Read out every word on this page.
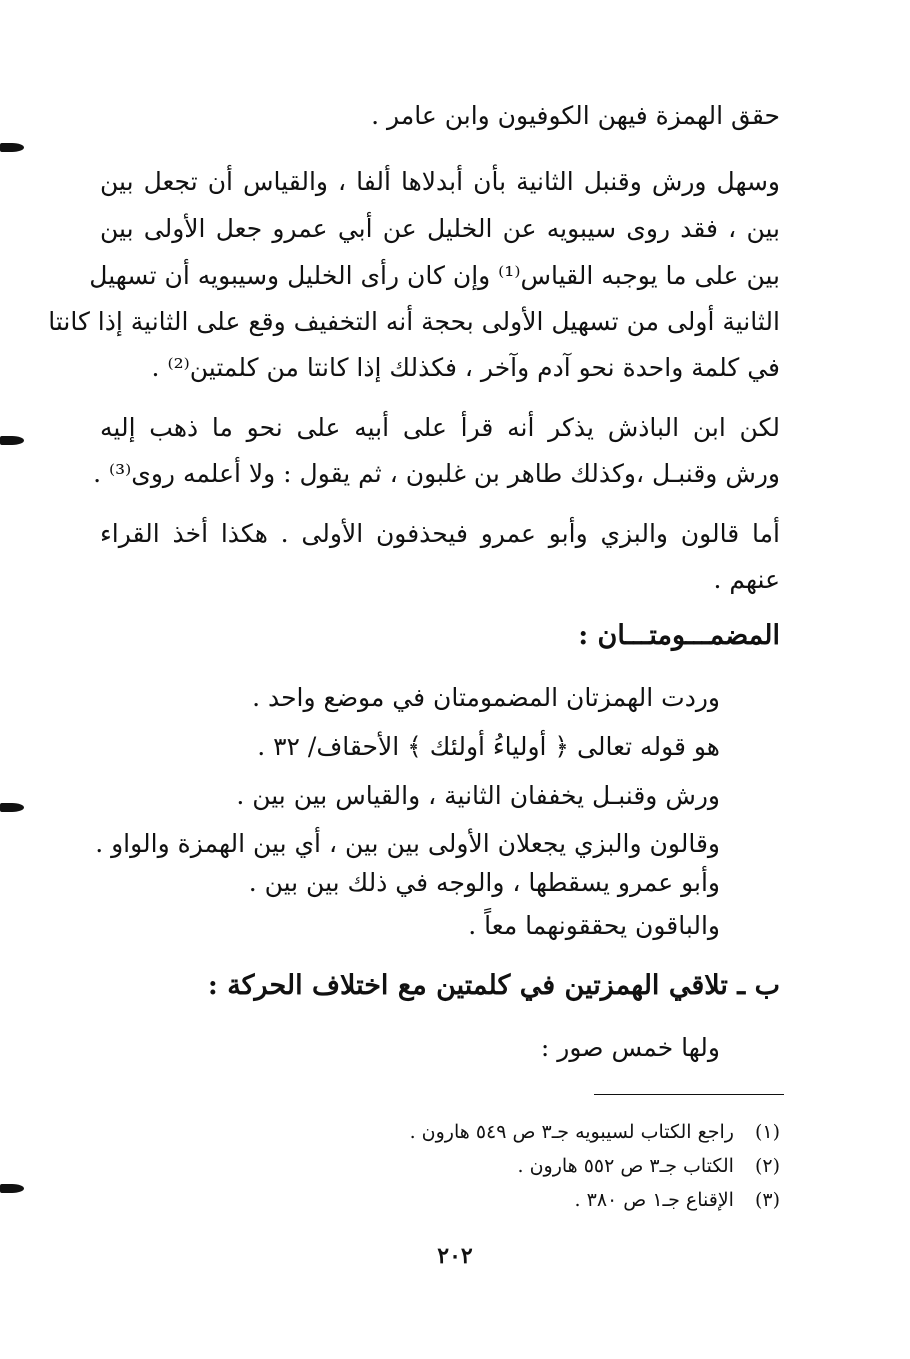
حقق الهمزة فيهن الكوفيون وابن عامر .
وسهل ورش وقنبل الثانية بأن أبدلاها ألفا ، والقياس أن تجعل بين
بين ، فقد روى سيبويه عن الخليل عن أبي عمرو جعل الأولى بين
بين على ما يوجبه القياس⁽¹⁾ وإن كان رأى الخليل وسيبويه أن تسهيل
الثانية أولى من تسهيل الأولى بحجة أنه التخفيف وقع على الثانية إذا كانتا
في كلمة واحدة نحو آدم وآخر ، فكذلك إذا كانتا من كلمتين⁽²⁾ .
لكن ابن الباذش يذكر أنه قرأ على أبيه على نحو ما ذهب إليه
ورش وقنبـل ،وكذلك طاهر بن غلبون ، ثم يقول : ولا أعلمه روى⁽³⁾ .
أما قالون والبزي وأبو عمرو فيحذفون الأولى . هكذا أخذ القراء
عنهم .
المضمـــومتـــان :
وردت الهمزتان المضمومتان في موضع واحد .
هو قوله تعالى ﴿ أولياءُ أولئك ﴾ الأحقاف/ ٣٢ .
ورش وقنبـل يخففان الثانية ، والقياس بين بين .
وقالون والبزي يجعلان الأولى بين بين ، أي بين الهمزة والواو .
وأبو عمرو يسقطها ، والوجه في ذلك بين بين .
والباقون يحققونهما معاً .
ب ـ تلاقي الهمزتين في كلمتين مع اختلاف الحركة :
ولها خمس صور :
(١) راجع الكتاب لسيبويه جـ٣ ص ٥٤٩ هارون .
(٢) الكتاب جـ٣ ص ٥٥٢ هارون .
(٣) الإقناع جـ١ ص ٣٨٠ .
٢٠٢
